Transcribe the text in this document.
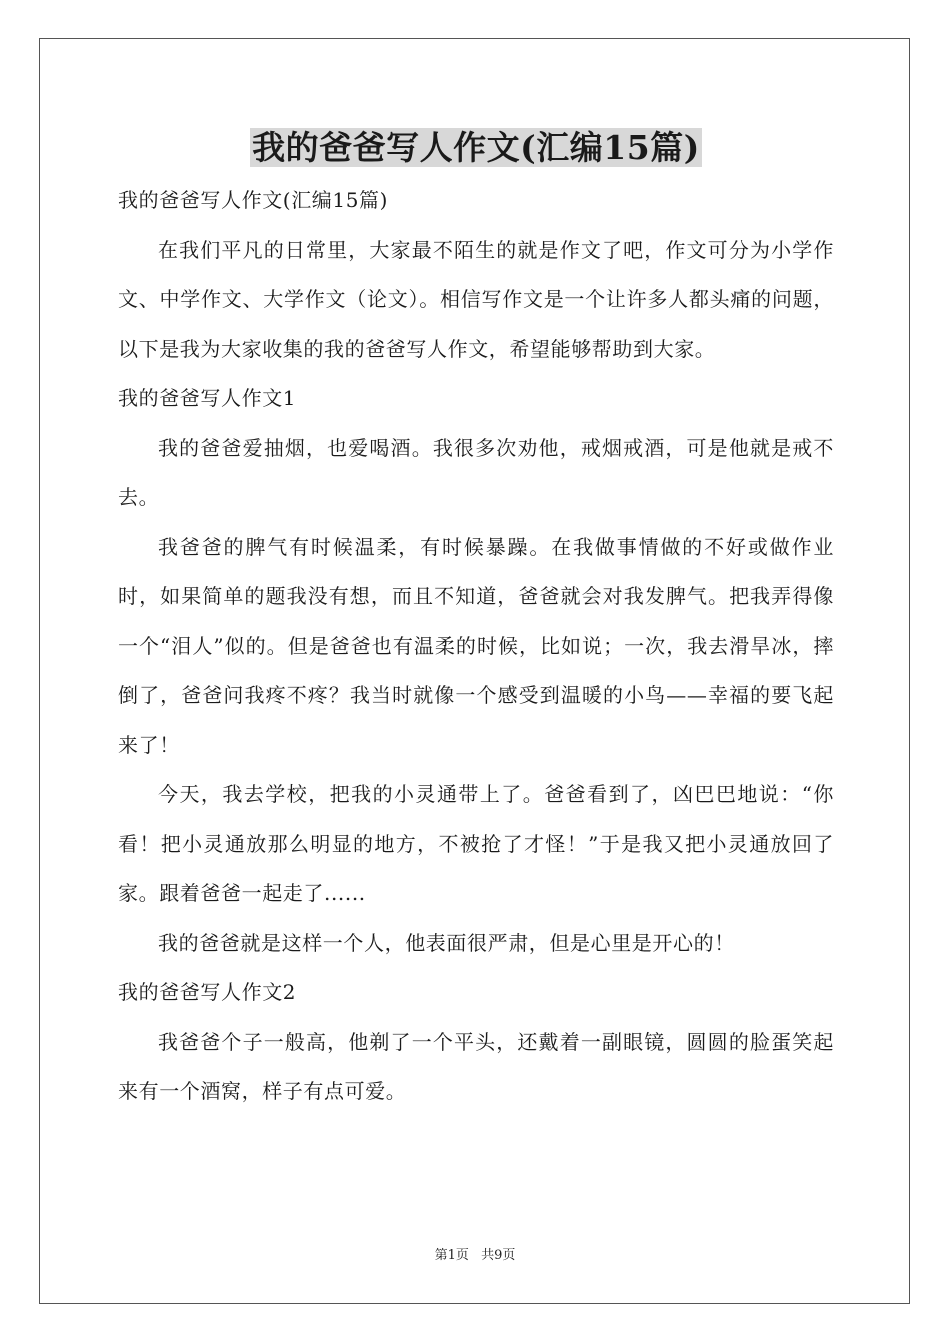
我的爸爸写人作文(汇编15篇)

我的爸爸写人作文(汇编15篇)

在我们平凡的日常里，大家最不陌生的就是作文了吧，作文可分为小学作文、中学作文、大学作文（论文）。相信写作文是一个让许多人都头痛的问题，以下是我为大家收集的我的爸爸写人作文，希望能够帮助到大家。

我的爸爸写人作文1

我的爸爸爱抽烟，也爱喝酒。我很多次劝他，戒烟戒酒，可是他就是戒不去。

我爸爸的脾气有时候温柔，有时候暴躁。在我做事情做的不好或做作业时，如果简单的题我没有想，而且不知道，爸爸就会对我发脾气。把我弄得像一个“泪人”似的。但是爸爸也有温柔的时候，比如说；一次，我去滑旱冰，摔倒了，爸爸问我疼不疼？我当时就像一个感受到温暖的小鸟——幸福的要飞起来了！

今天，我去学校，把我的小灵通带上了。爸爸看到了，凶巴巴地说：“你看！把小灵通放那么明显的地方，不被抢了才怪！”于是我又把小灵通放回了家。跟着爸爸一起走了......

我的爸爸就是这样一个人，他表面很严肃，但是心里是开心的！

我的爸爸写人作文2

我爸爸个子一般高，他剃了一个平头，还戴着一副眼镜，圆圆的脸蛋笑起来有一个酒窝，样子有点可爱。

第1页 共9页
